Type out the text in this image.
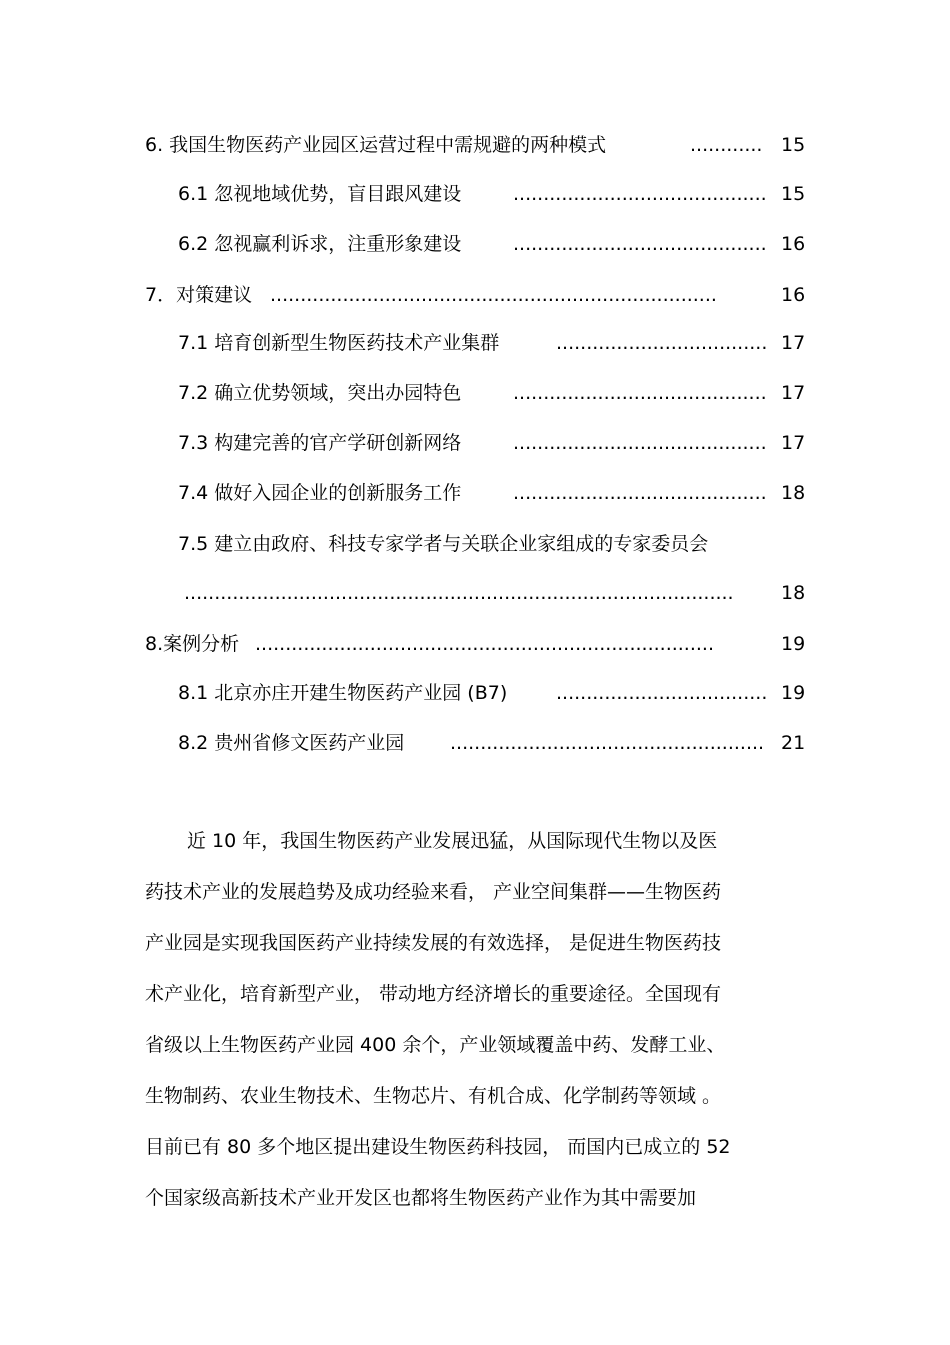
6. 我国生物医药产业园区运营过程中需规避的两种模式	............ 15
6.1 忽视地域优势，盲目跟风建设	.......................................... 15
6.2 忽视赢利诉求，注重形象建设	.......................................... 16
7．对策建议 ..........................................................................	16
7.1 培育创新型生物医药技术产业集群	................................... 17
7.2 确立优势领域，突出办园特色	.......................................... 17
7.3 构建完善的官产学研创新网络	.......................................... 17
7.4 做好入园企业的创新服务工作	.......................................... 18
7.5 建立由政府、科技专家学者与关联企业家组成的专家委员会
...........................................................................................	18
8.案例分析 ............................................................................	19
8.1 北京亦庄开建生物医药产业园 (B7)	................................... 19
8.2 贵州省修文医药产业园 .................................................... 21
近 10 年，我国生物医药产业发展迅猛，从国际现代生物以及医
药技术产业的发展趋势及成功经验来看， 产业空间集群——生物医药
产业园是实现我国医药产业持续发展的有效选择， 是促进生物医药技
术产业化，培育新型产业， 带动地方经济增长的重要途径。全国现有
省级以上生物医药产业园 400 余个，产业领域覆盖中药、发酵工业、
生物制药、农业生物技术、生物芯片、有机合成、化学制药等领域 。
目前已有 80 多个地区提出建设生物医药科技园， 而国内已成立的 52
个国家级高新技术产业开发区也都将生物医药产业作为其中需要加
